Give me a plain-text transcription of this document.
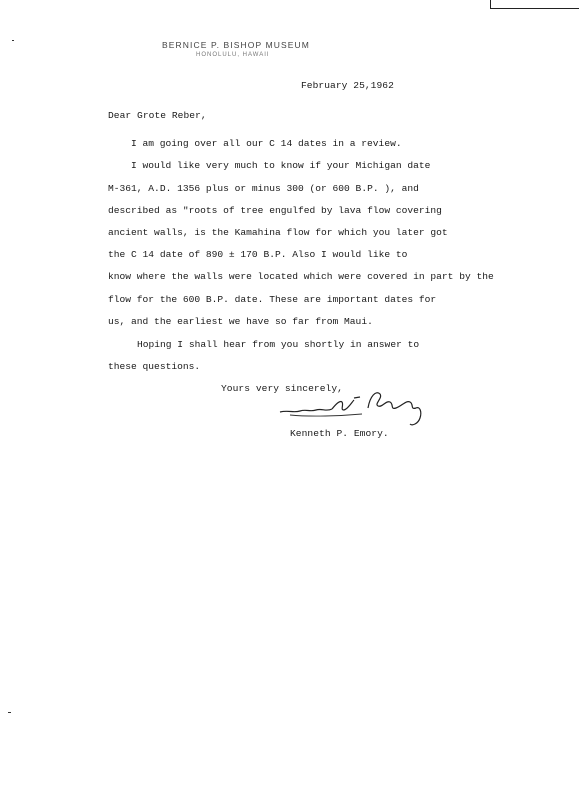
BERNICE P. BISHOP MUSEUM
HONOLULU, HAWAII
February 25,1962
Dear Grote Reber,
I am going over all our C 14 dates in a review.
I would like very much to know if your Michigan date
M-361, A.D. 1356 plus or minus 300 (or 600 B.P. ), and
described as "roots of tree engulfed by lava flow covering
ancient walls, is the Kamahina flow for which you later got
the C 14 date of 890 ± 170 B.P. Also I would like to
know where the walls were located which were covered in part by the
flow for the 600 B.P. date. These are important dates for
us, and the earliest we have so far from Maui.
Hoping I shall hear from you shortly in answer to
these questions.
Yours very sincerely,
Kenneth P. Emory.
